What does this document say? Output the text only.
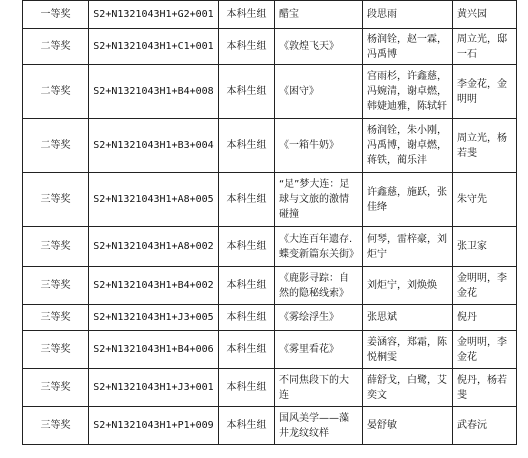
一等奖	S2+N1321043H1+G2+001	本科生组	醋宝	段思雨	黄兴园
二等奖	S2+N1321043H1+C1+001	本科生组	《敦煌飞天》	杨润铨，赵一霖，冯禹博	周立光，邸一石
二等奖	S2+N1321043H1+B4+008	本科生组	《困守》	宫雨杉，许鑫慈，冯婉清，谢卓燃，韩婕迪雅，陈轼轩	李金花，金明明
二等奖	S2+N1321043H1+B3+004	本科生组	《一箱牛奶》	杨润铨，朱小刚，冯禹博，谢卓燃，蒋铁，蔺乐沣	周立光，杨若斐
三等奖	S2+N1321043H1+A8+005	本科生组	“足”梦大连：足球与文旅的激情碰撞	许鑫慈，施跃，张佳绛	朱守先
三等奖	S2+N1321043H1+A8+002	本科生组	《大连百年遗存.蝶变新篇东关街》	何琴，雷梓豪，刘炬宁	张卫家
三等奖	S2+N1321043H1+B4+002	本科生组	《鹿影寻踪：自然的隐秘线索》	刘炬宁，刘焕焕	金明明，李金花
三等奖	S2+N1321043H1+J3+005	本科生组	《雾绘浮生》	张思斌	倪丹
三等奖	S2+N1321043H1+B4+006	本科生组	《雾里看花》	姜涵容，郑霜，陈悦桐雯	金明明，李金花
三等奖	S2+N1321043H1+J3+001	本科生组	不同焦段下的大连	薛舒戈，白鹭，艾奕文	倪丹，杨若斐
三等奖	S2+N1321043H1+P1+009	本科生组	国风美学——藻井龙纹纹样	晏舒敏	武春沅
